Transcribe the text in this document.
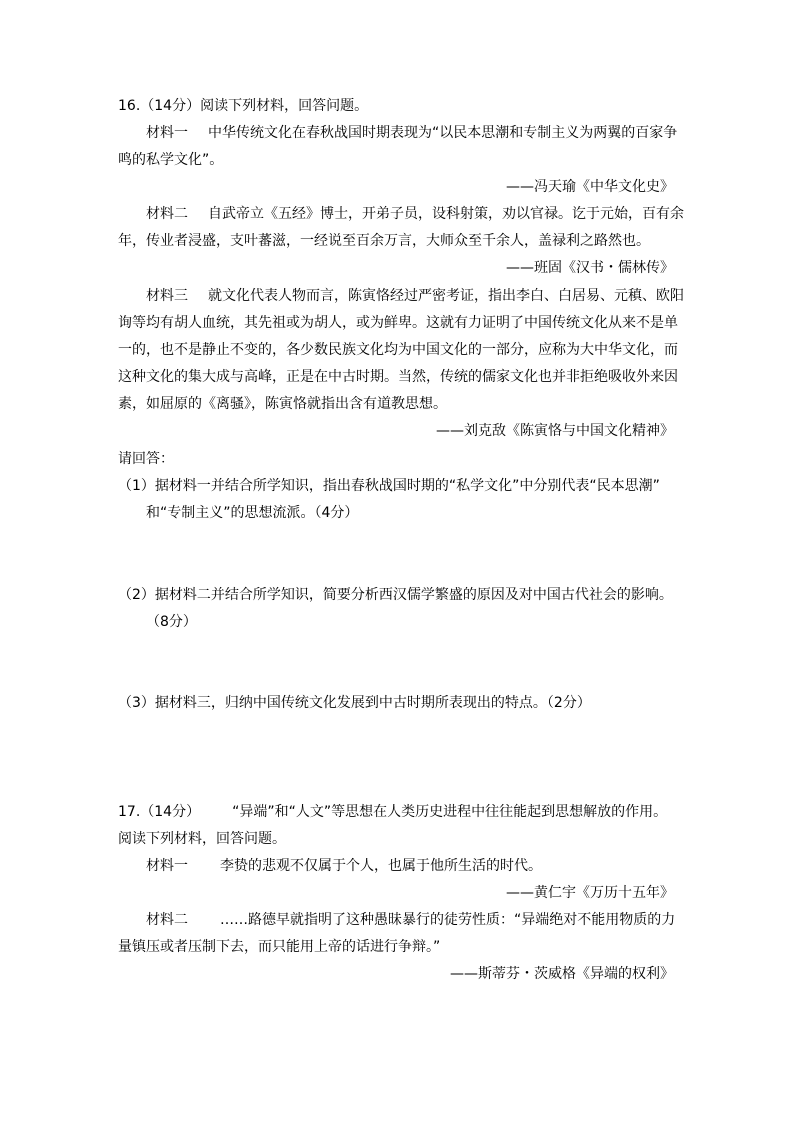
16.（14分）阅读下列材料，回答问题。
材料一 中华传统文化在春秋战国时期表现为“以民本思潮和专制主义为两翼的百家争
鸣的私学文化”。
——冯天瑜《中华文化史》
材料二 自武帝立《五经》博士，开弟子员，设科射策，劝以官禄。讫于元始，百有余
年，传业者浸盛，支叶蕃滋，一经说至百余万言，大师众至千余人，盖禄利之路然也。
——班固《汉书・儒林传》
材料三 就文化代表人物而言，陈寅恪经过严密考证，指出李白、白居易、元稹、欧阳
询等均有胡人血统，其先祖或为胡人，或为鲜卑。这就有力证明了中国传统文化从来不是单
一的，也不是静止不变的，各少数民族文化均为中国文化的一部分，应称为大中华文化，而
这种文化的集大成与高峰，正是在中古时期。当然，传统的儒家文化也并非拒绝吸收外来因
素，如屈原的《离骚》，陈寅恪就指出含有道教思想。
——刘克敌《陈寅恪与中国文化精神》
请回答：
（1）据材料一并结合所学知识，指出春秋战国时期的“私学文化”中分别代表“民本思潮”
和“专制主义”的思想流派。（4分）
（2）据材料二并结合所学知识，简要分析西汉儒学繁盛的原因及对中国古代社会的影响。
（8分）
（3）据材料三，归纳中国传统文化发展到中古时期所表现出的特点。（2分）
17.（14分） “异端”和“人文”等思想在人类历史进程中往往能起到思想解放的作用。
阅读下列材料，回答问题。
材料一 李贽的悲观不仅属于个人，也属于他所生活的时代。
——黄仁宇《万历十五年》
材料二 ……路德早就指明了这种愚昧暴行的徒劳性质：“异端绝对不能用物质的力
量镇压或者压制下去，而只能用上帝的话进行争辩。”
——斯蒂芬・茨威格《异端的权利》
